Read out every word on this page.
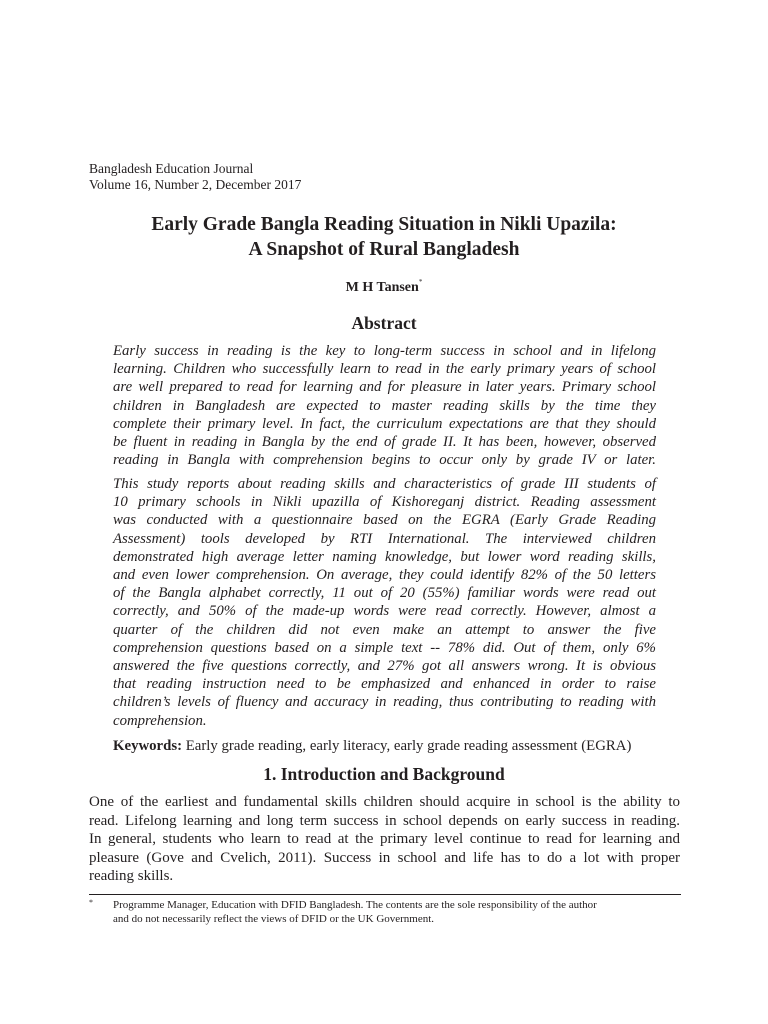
Bangladesh Education Journal
Volume 16, Number 2, December 2017
Early Grade Bangla Reading Situation in Nikli Upazila:
A Snapshot of Rural Bangladesh
M H Tansen*
Abstract
Early success in reading is the key to long-term success in school and in lifelong
learning. Children who successfully learn to read in the early primary years of school
are well prepared to read for learning and for pleasure in later years. Primary school
children in Bangladesh are expected to master reading skills by the time they
complete their primary level. In fact, the curriculum expectations are that they should
be fluent in reading in Bangla by the end of grade II. It has been, however, observed
reading in Bangla with comprehension begins to occur only by grade IV or later.
This study reports about reading skills and characteristics of grade III students of
10 primary schools in Nikli upazilla of Kishoreganj district. Reading assessment
was conducted with a questionnaire based on the EGRA (Early Grade Reading
Assessment) tools developed by RTI International. The interviewed children
demonstrated high average letter naming knowledge, but lower word reading skills,
and even lower comprehension. On average, they could identify 82% of the 50 letters
of the Bangla alphabet correctly, 11 out of 20 (55%) familiar words were read out
correctly, and 50% of the made-up words were read correctly. However, almost a
quarter of the children did not even make an attempt to answer the five
comprehension questions based on a simple text -- 78% did. Out of them, only 6%
answered the five questions correctly, and 27% got all answers wrong. It is obvious
that reading instruction need to be emphasized and enhanced in order to raise
children’s levels of fluency and accuracy in reading, thus contributing to reading with
comprehension.
Keywords: Early grade reading, early literacy, early grade reading assessment (EGRA)
1. Introduction and Background
One of the earliest and fundamental skills children should acquire in school is the ability to
read. Lifelong learning and long term success in school depends on early success in reading.
In general, students who learn to read at the primary level continue to read for learning and
pleasure (Gove and Cvelich, 2011). Success in school and life has to do a lot with proper
reading skills.
* Programme Manager, Education with DFID Bangladesh. The contents are the sole responsibility of the author
and do not necessarily reflect the views of DFID or the UK Government.
